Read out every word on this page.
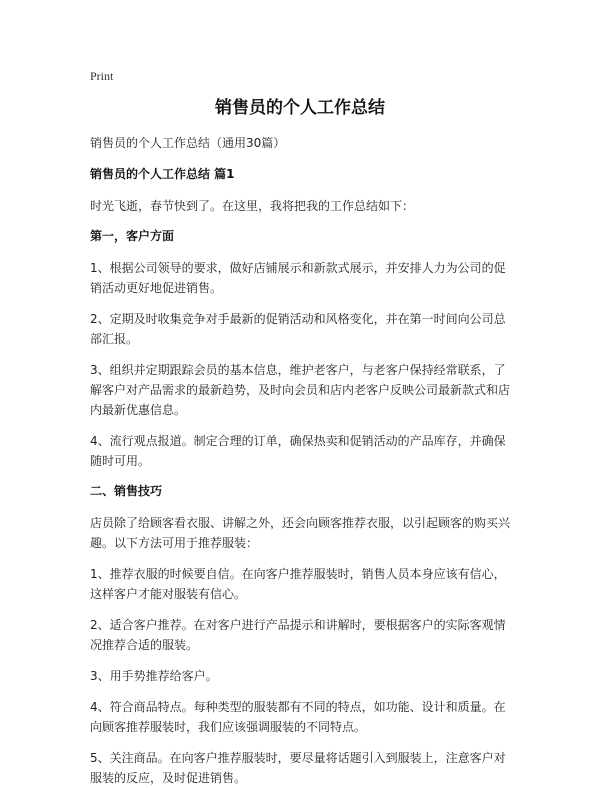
Print
销售员的个人工作总结

销售员的个人工作总结（通用30篇）

销售员的个人工作总结 篇1

时光飞逝，春节快到了。在这里，我将把我的工作总结如下：

第一，客户方面

1、根据公司领导的要求，做好店铺展示和新款式展示，并安排人力为公司的促销活动更好地促进销售。

2、定期及时收集竞争对手最新的促销活动和风格变化，并在第一时间向公司总部汇报。

3、组织并定期跟踪会员的基本信息，维护老客户，与老客户保持经常联系，了解客户对产品需求的最新趋势，及时向会员和店内老客户反映公司最新款式和店内最新优惠信息。

4、流行观点报道。制定合理的订单，确保热卖和促销活动的产品库存，并确保随时可用。

二、销售技巧

店员除了给顾客看衣服、讲解之外，还会向顾客推荐衣服，以引起顾客的购买兴趣。以下方法可用于推荐服装：

1、推荐衣服的时候要自信。在向客户推荐服装时，销售人员本身应该有信心，这样客户才能对服装有信心。

2、适合客户推荐。在对客户进行产品提示和讲解时，要根据客户的实际客观情况推荐合适的服装。

3、用手势推荐给客户。

4、符合商品特点。每种类型的服装都有不同的特点，如功能、设计和质量。在向顾客推荐服装时，我们应该强调服装的不同特点。

5、关注商品。在向客户推荐服装时，要尽量将话题引入到服装上，注意客户对服装的反应，及时促进销售。
